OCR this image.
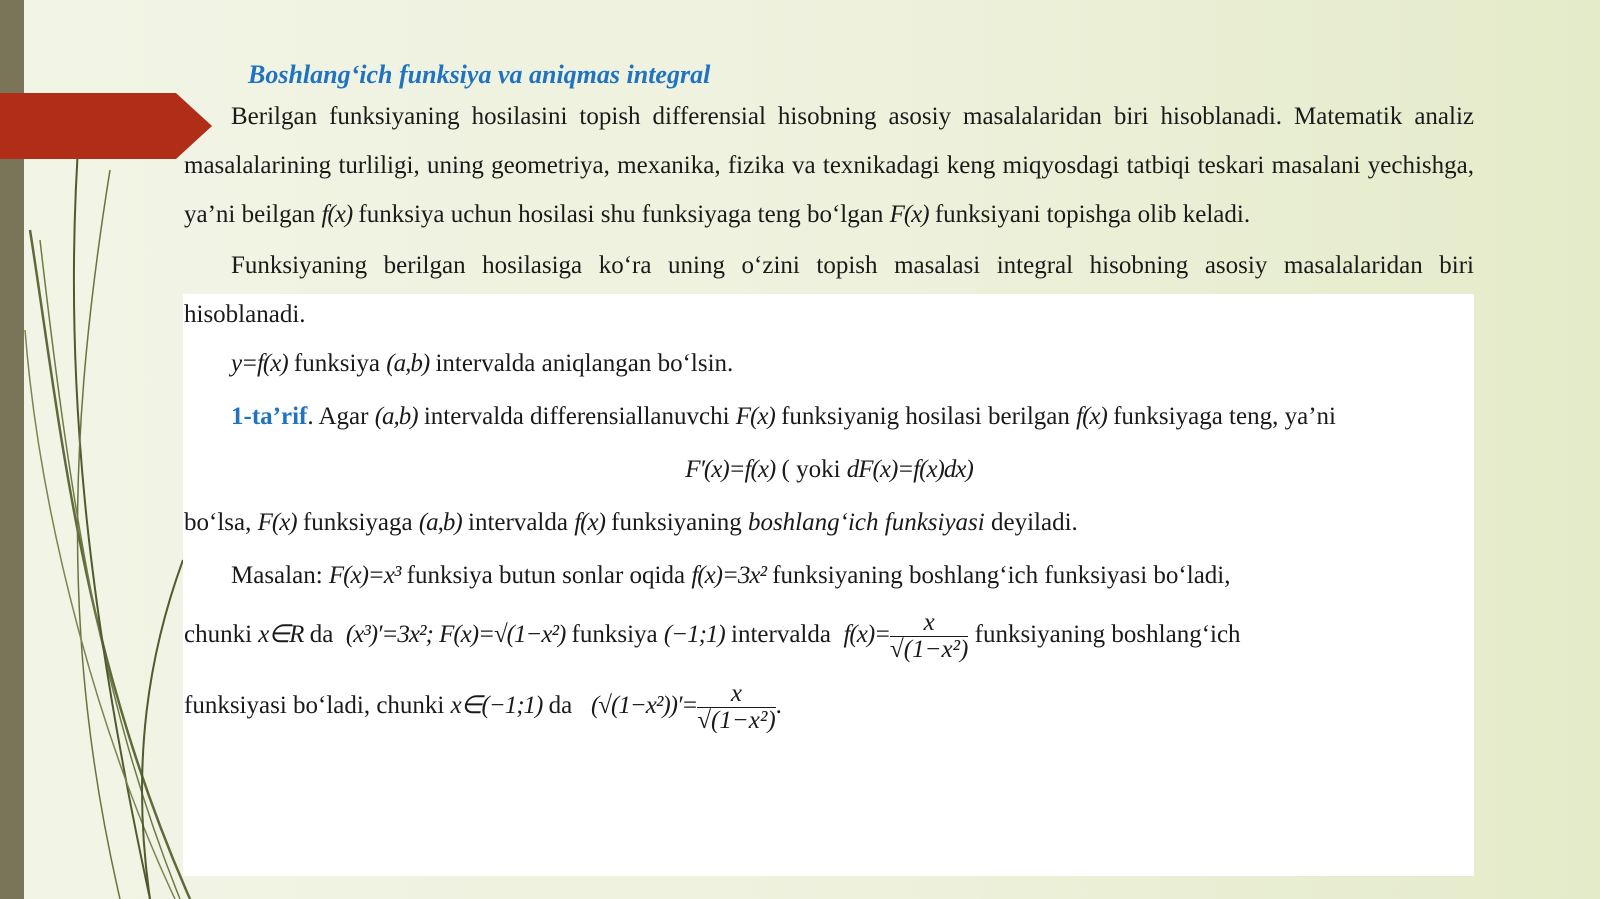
Boshlang‘ich funksiya va aniqmas integral

Berilgan funksiyaning hosilasini topish differensial hisobning asosiy masalalaridan biri hisoblanadi. Matematik analiz masalalarining turliligi, uning geometriya, mexanika, fizika va texnikadagi keng miqyosdagi tatbiqi teskari masalani yechishga, ya’ni beilgan f(x) funksiya uchun hosilasi shu funksiyaga teng bo‘lgan F(x) funksiyani topishga olib keladi.

Funksiyaning berilgan hosilasiga ko‘ra uning o‘zini topish masalasi integral hisobning asosiy masalalaridan biri hisoblanadi.

y=f(x) funksiya (a,b) intervalda aniqlangan bo‘lsin.

1-ta’rif. Agar (a,b) intervalda differensiallanuvchi F(x) funksiyanig hosilasi berilgan f(x) funksiyaga teng, ya’ni

F′(x)=f(x) ( yoki dF(x)=f(x)dx)

bo‘lsa, F(x) funksiyaga (a,b) intervalda f(x) funksiyaning boshlang‘ich funksiyasi deyiladi.

Masalan: F(x)=x³ funksiya butun sonlar oqida f(x)=3x² funksiyaning boshlang‘ich funksiyasi bo‘ladi,

chunki x∈R da  (x³)′=3x²; F(x)=√(1−x²) funksiya (−1;1) intervalda  $f(x)= \frac{x}{\text{√(1−x²)}}$ funksiyaning boshlang‘ich

funksiyasi bo‘ladi, chunki x∈(−1;1) da   $(√(1-x^2))'= \frac{x}{\text{√(1−x²)}}$ .
